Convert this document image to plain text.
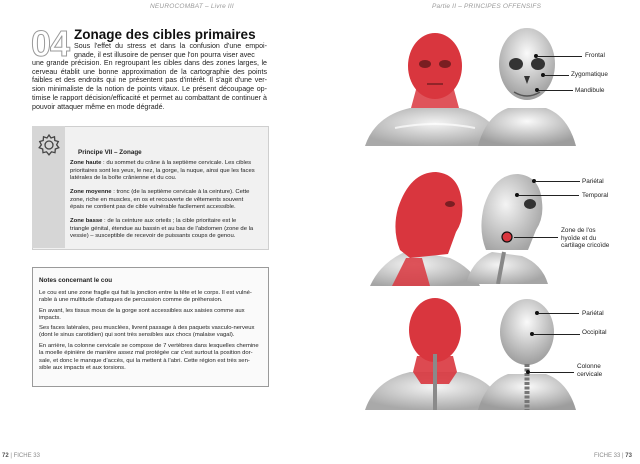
NEUROCOMBAT – Livre III	Partie II – PRINCIPES OFFENSIFS
04 Zonage des cibles primaires
Sous l'effet du stress et dans la confusion d'une empoi-gnade, il est illusoire de penser que l'on pourra viser avec
une grande précision. En regroupant les cibles dans des zones larges, le cerveau établit une bonne approximation de la cartographie des points faibles et des endroits qui ne présentent pas d'intérêt. Il s'agit d'une ver-sion minimaliste de la notion de points vitaux. Le présent découpage op-timise le rapport décision/efficacité et permet au combattant de continuer à pouvoir attaquer même en mode dégradé.
Principe VII – Zonage
Zone haute : du sommet du crâne à la septième cervicale. Les cibles prioritaires sont les yeux, le nez, la gorge, la nuque, ainsi que les faces latérales de la boîte crânienne et du cou.
Zone moyenne : tronc (de la septième cervicale à la ceinture). Cette zone, riche en muscles, en os et recouverte de vêtements souvent épais ne contient pas de cible vulnérable facilement accessible.
Zone basse : de la ceinture aux orteils ; la cible prioritaire est le triangle génital, étendue au bassin et au bas de l'abdomen (zone de la vessie) – susceptible de recevoir de puissants coups de genou.
Notes concernant le cou
Le cou est une zone fragile qui fait la jonction entre la tête et le corps. Il est vulné-rable à une multitude d'attaques de percussion comme de préhension.
En avant, les tissus mous de la gorge sont accessibles aux saisies comme aux impacts.
Ses faces latérales, peu musclées, livrent passage à des paquets vasculo-nerveux (dont le sinus carotidien) qui sont très sensibles aux chocs (malaise vagal).
En arrière, la colonne cervicale se compose de 7 vertèbres dans lesquelles chemine la moelle épinière de manière assez mal protégée car c'est surtout la position dor-sale, et donc le manque d'accès, qui la mettent à l'abri. Cette région est très sen-sible aux impacts et aux torsions.
Frontal
Zygomatique
Mandibule
Pariétal
Temporal
Zone de l'os hyoïde et du cartilage cricoïde
Pariétal
Occipital
Colonne cervicale
72 | FICHE 33	FICHE 33 | 73
